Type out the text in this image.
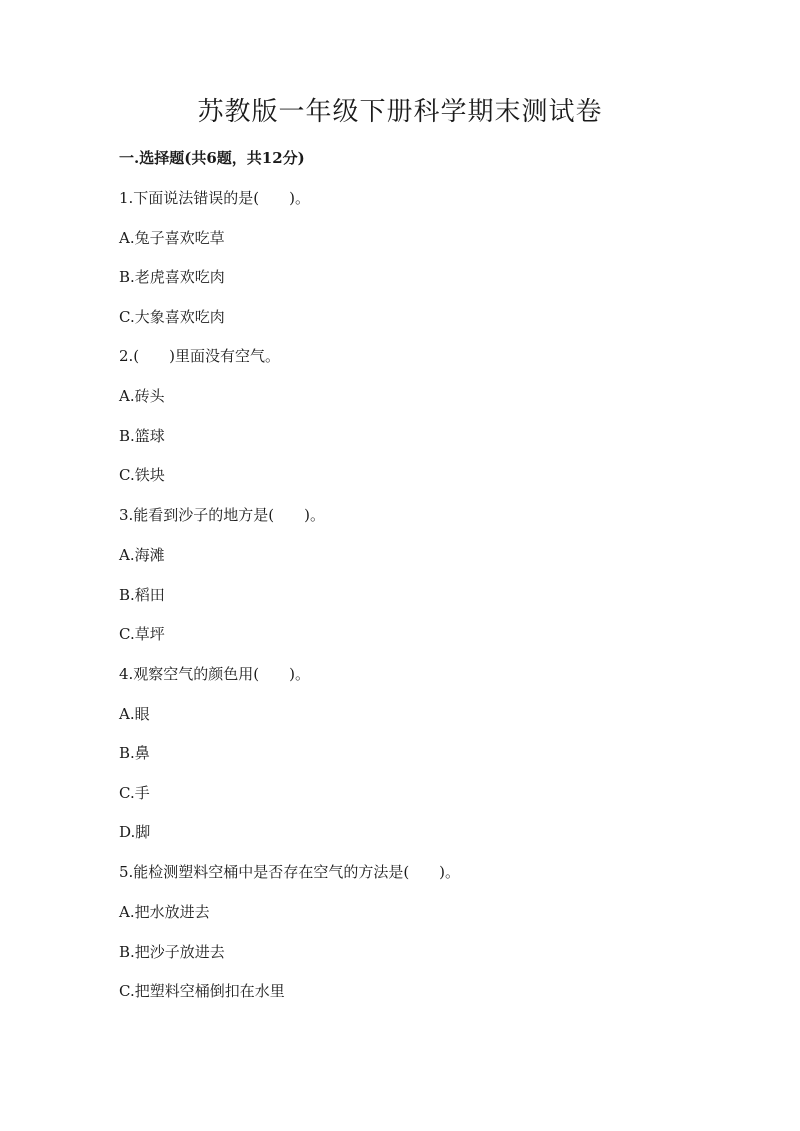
苏教版一年级下册科学期末测试卷
一.选择题(共6题，共12分)
1.下面说法错误的是(　　)。
A.兔子喜欢吃草
B.老虎喜欢吃肉
C.大象喜欢吃肉
2.(　　)里面没有空气。
A.砖头
B.篮球
C.铁块
3.能看到沙子的地方是(　　)。
A.海滩
B.稻田
C.草坪
4.观察空气的颜色用(　　)。
A.眼
B.鼻
C.手
D.脚
5.能检测塑料空桶中是否存在空气的方法是(　　)。
A.把水放进去
B.把沙子放进去
C.把塑料空桶倒扣在水里
